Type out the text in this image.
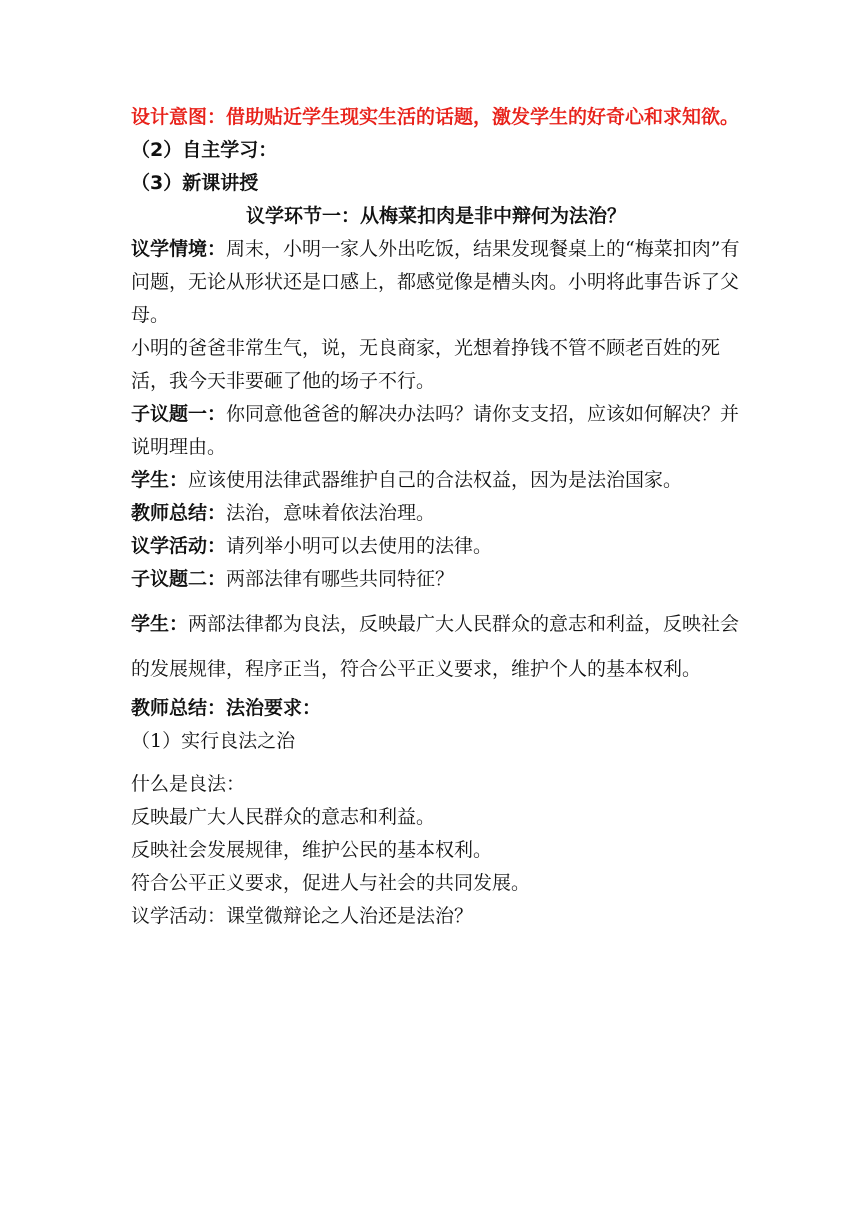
设计意图：借助贴近学生现实生活的话题，激发学生的好奇心和求知欲。

（2）自主学习：

（3）新课讲授

议学环节一：从梅菜扣肉是非中辩何为法治？

议学情境：周末，小明一家人外出吃饭，结果发现餐桌上的“梅菜扣肉”有问题，无论从形状还是口感上，都感觉像是槽头肉。小明将此事告诉了父母。

小明的爸爸非常生气，说，无良商家，光想着挣钱不管不顾老百姓的死活，我今天非要砸了他的场子不行。

子议题一：你同意他爸爸的解决办法吗？请你支支招，应该如何解决？并说明理由。

学生：应该使用法律武器维护自己的合法权益，因为是法治国家。

教师总结：法治，意味着依法治理。

议学活动：请列举小明可以去使用的法律。

子议题二：两部法律有哪些共同特征？

学生：两部法律都为良法，反映最广大人民群众的意志和利益，反映社会的发展规律，程序正当，符合公平正义要求，维护个人的基本权利。

教师总结：法治要求：

（1）实行良法之治

什么是良法：

反映最广大人民群众的意志和利益。

反映社会发展规律，维护公民的基本权利。

符合公平正义要求，促进人与社会的共同发展。

议学活动：课堂微辩论之人治还是法治？
